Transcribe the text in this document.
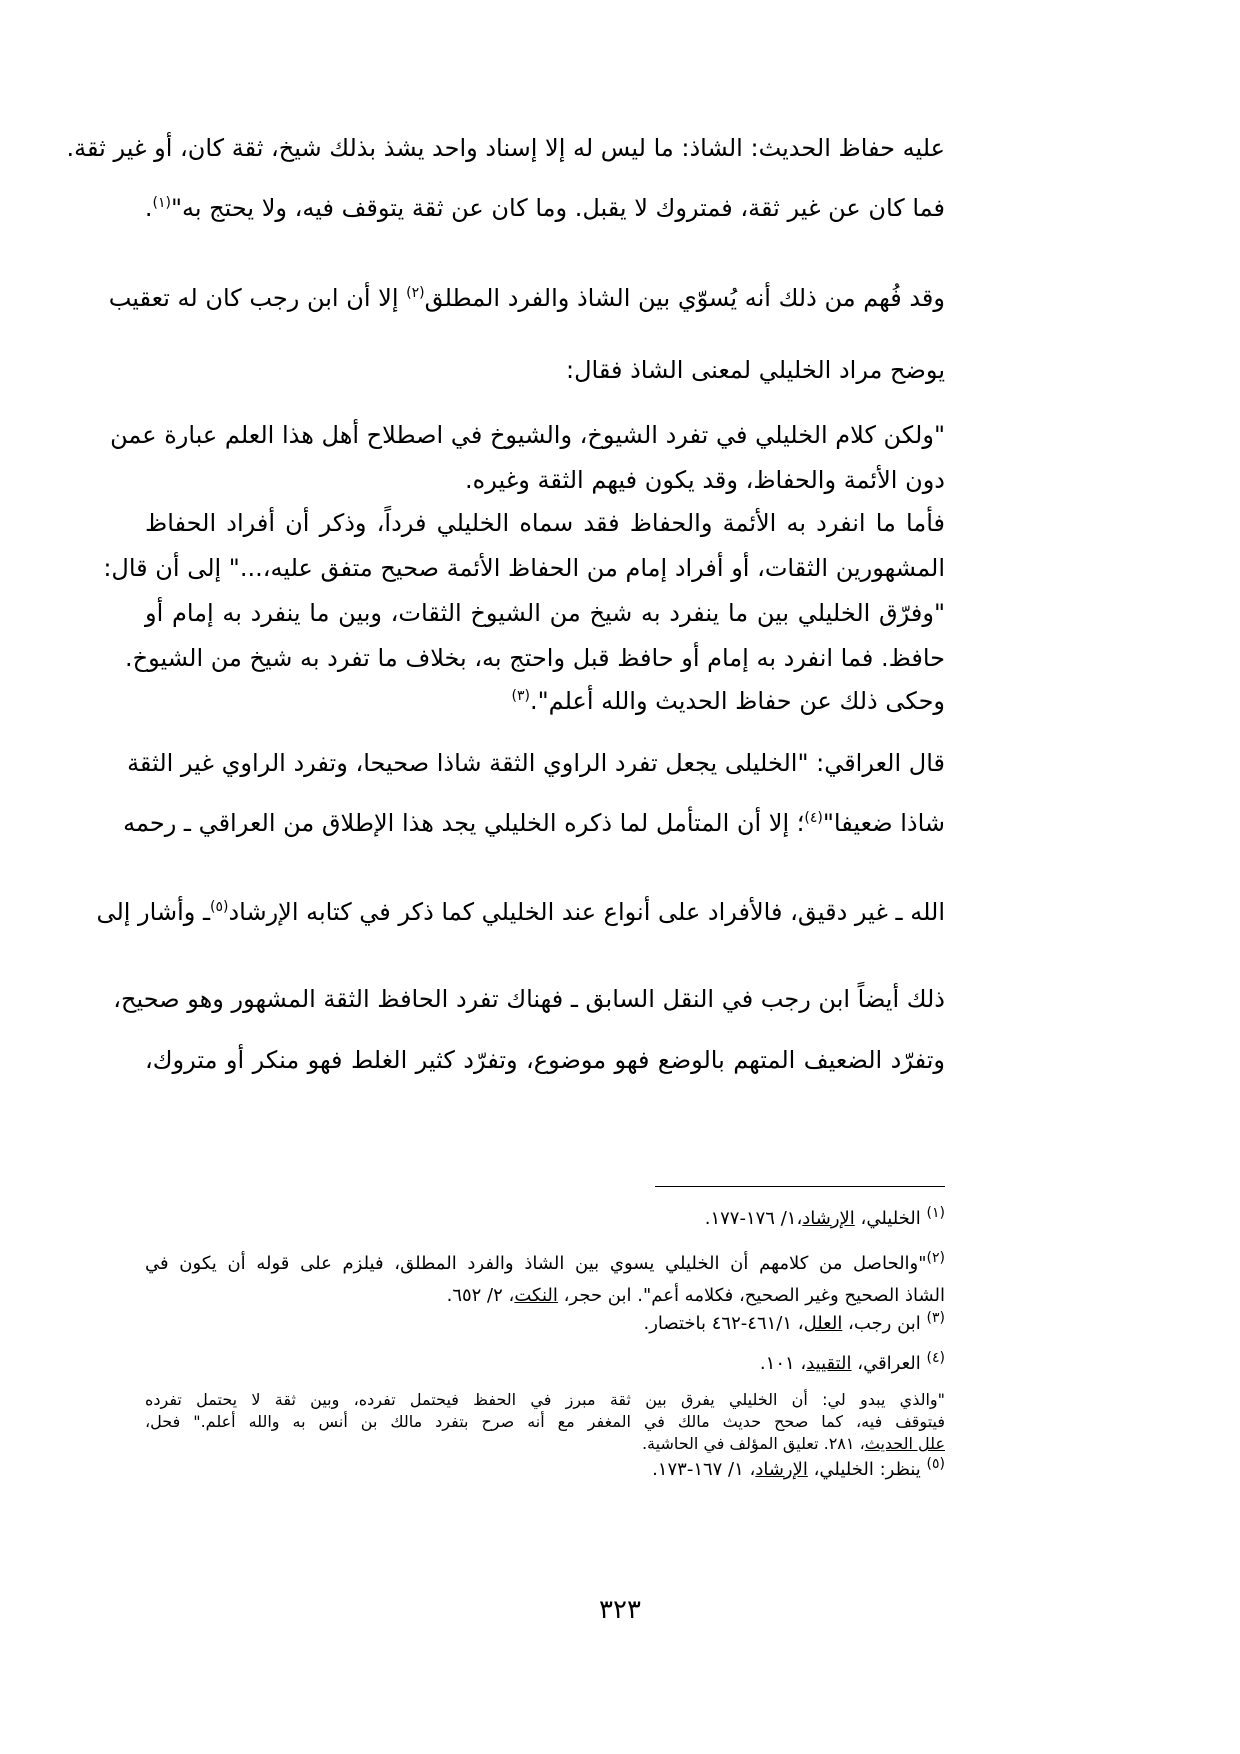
عليه حفاظ الحديث: الشاذ: ما ليس له إلا إسناد واحد يشذ بذلك شيخ، ثقة كان، أو غير ثقة.
فما كان عن غير ثقة، فمتروك لا يقبل. وما كان عن ثقة يتوقف فيه، ولا يحتج به"$^{(١)}$.
وقد فُهم من ذلك أنه يُسوّي بين الشاذ والفرد المطلق$^{(٢)}$ إلا أن ابن رجب كان له تعقيب
يوضح مراد الخليلي لمعنى الشاذ فقال:
"ولكن كلام الخليلي في تفرد الشيوخ، والشيوخ في اصطلاح أهل هذا العلم عبارة عمن
دون الأئمة والحفاظ، وقد يكون فيهم الثقة وغيره.
فأما ما انفرد به الأئمة والحفاظ فقد سماه الخليلي فرداً، وذكر أن أفراد الحفاظ
المشهورين الثقات، أو أفراد إمام من الحفاظ الأئمة صحيح متفق عليه،..." إلى أن قال:
"وفرّق الخليلي بين ما ينفرد به شيخ من الشيوخ الثقات، وبين ما ينفرد به إمام أو
حافظ. فما انفرد به إمام أو حافظ قبل واحتج به، بخلاف ما تفرد به شيخ من الشيوخ.
وحكى ذلك عن حفاظ الحديث والله أعلم".$^{(٣)}$
قال العراقي: "الخليلى يجعل تفرد الراوي الثقة شاذا صحيحا، وتفرد الراوي غير الثقة
شاذا ضعيفا"$^{(٤)}$؛ إلا أن المتأمل لما ذكره الخليلي يجد هذا الإطلاق من العراقي ـ رحمه
الله ـ غير دقيق، فالأفراد على أنواع عند الخليلي كما ذكر في كتابه الإرشاد$^{(٥)}$ـ وأشار إلى
ذلك أيضاً ابن رجب في النقل السابق ـ فهناك تفرد الحافظ الثقة المشهور وهو صحيح،
وتفرّد الضعيف المتهم بالوضع فهو موضوع، وتفرّد كثير الغلط فهو منكر أو متروك،
$^{(١)}$ الخليلي، الإرشاد،١/ ١٧٦-١٧٧.
$^{(٢)}$"والحاصل من كلامهم أن الخليلي يسوي بين الشاذ والفرد المطلق، فيلزم على قوله أن يكون في
الشاذ الصحيح وغير الصحيح، فكلامه أعم". ابن حجر، النكت، ٢/ ٦٥٢.
$^{(٣)}$ ابن رجب، العلل، ٤٦١/١-٤٦٢ باختصار.
$^{(٤)}$ العراقي، التقييد، ١٠١.
"والذي يبدو لي: أن الخليلي يفرق بين ثقة مبرز في الحفظ فيحتمل تفرده، وبين ثقة لا يحتمل تفرده
فيتوقف فيه، كما صحح حديث مالك في المغفر مع أنه صرح بتفرد مالك بن أنس به والله أعلم." فحل،
علل الحديث، ٢٨١. تعليق المؤلف في الحاشية.
$^{(٥)}$ ينظر: الخليلي، الإرشاد، ١/ ١٦٧-١٧٣.
٣٢٣
